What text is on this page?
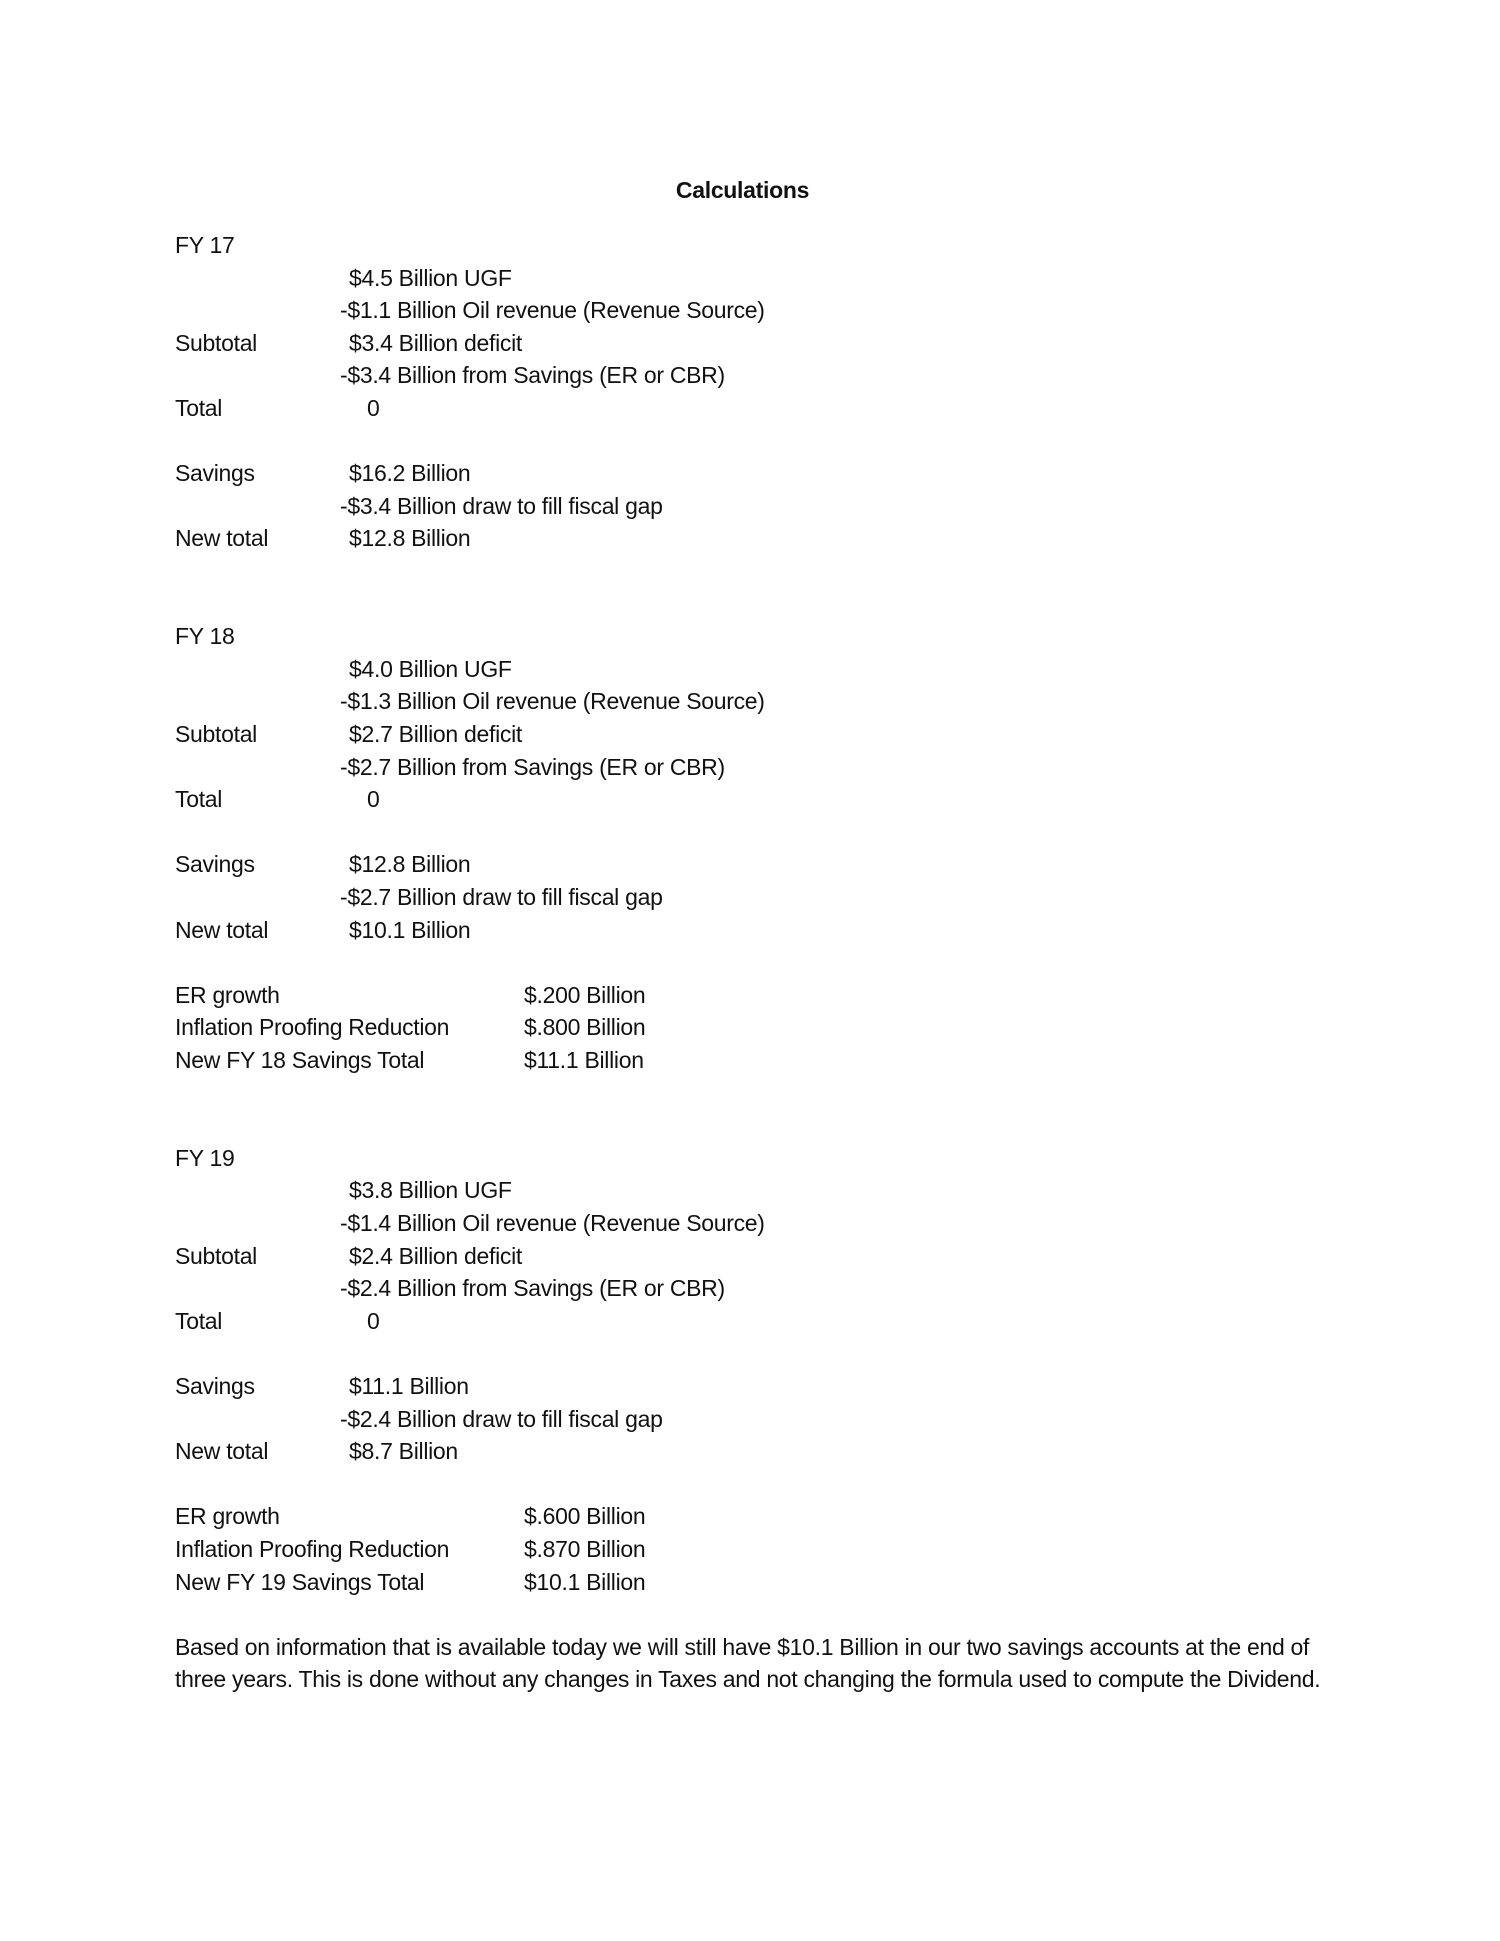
Calculations
FY 17
$4.5 Billion UGF
-$1.1 Billion Oil revenue (Revenue Source)
Subtotal	$3.4 Billion deficit
-$3.4 Billion from Savings (ER or CBR)
Total	0
Savings	$16.2 Billion
-$3.4 Billion draw to fill fiscal gap
New total	$12.8 Billion
FY 18
$4.0 Billion UGF
-$1.3 Billion Oil revenue (Revenue Source)
Subtotal	$2.7 Billion deficit
-$2.7 Billion from Savings (ER or CBR)
Total	0
Savings	$12.8 Billion
-$2.7 Billion draw to fill fiscal gap
New total	$10.1 Billion
ER growth	$.200 Billion
Inflation Proofing Reduction	$.800 Billion
New FY 18 Savings Total	$11.1 Billion
FY 19
$3.8 Billion UGF
-$1.4 Billion Oil revenue (Revenue Source)
Subtotal	$2.4 Billion deficit
-$2.4 Billion from Savings (ER or CBR)
Total	0
Savings	$11.1 Billion
-$2.4 Billion draw to fill fiscal gap
New total	$8.7 Billion
ER growth	$.600 Billion
Inflation Proofing Reduction	$.870 Billion
New FY 19 Savings Total	$10.1 Billion
Based on information that is available today we will still have $10.1 Billion in our two savings accounts at the end of three years. This is done without any changes in Taxes and not changing the formula used to compute the Dividend.
